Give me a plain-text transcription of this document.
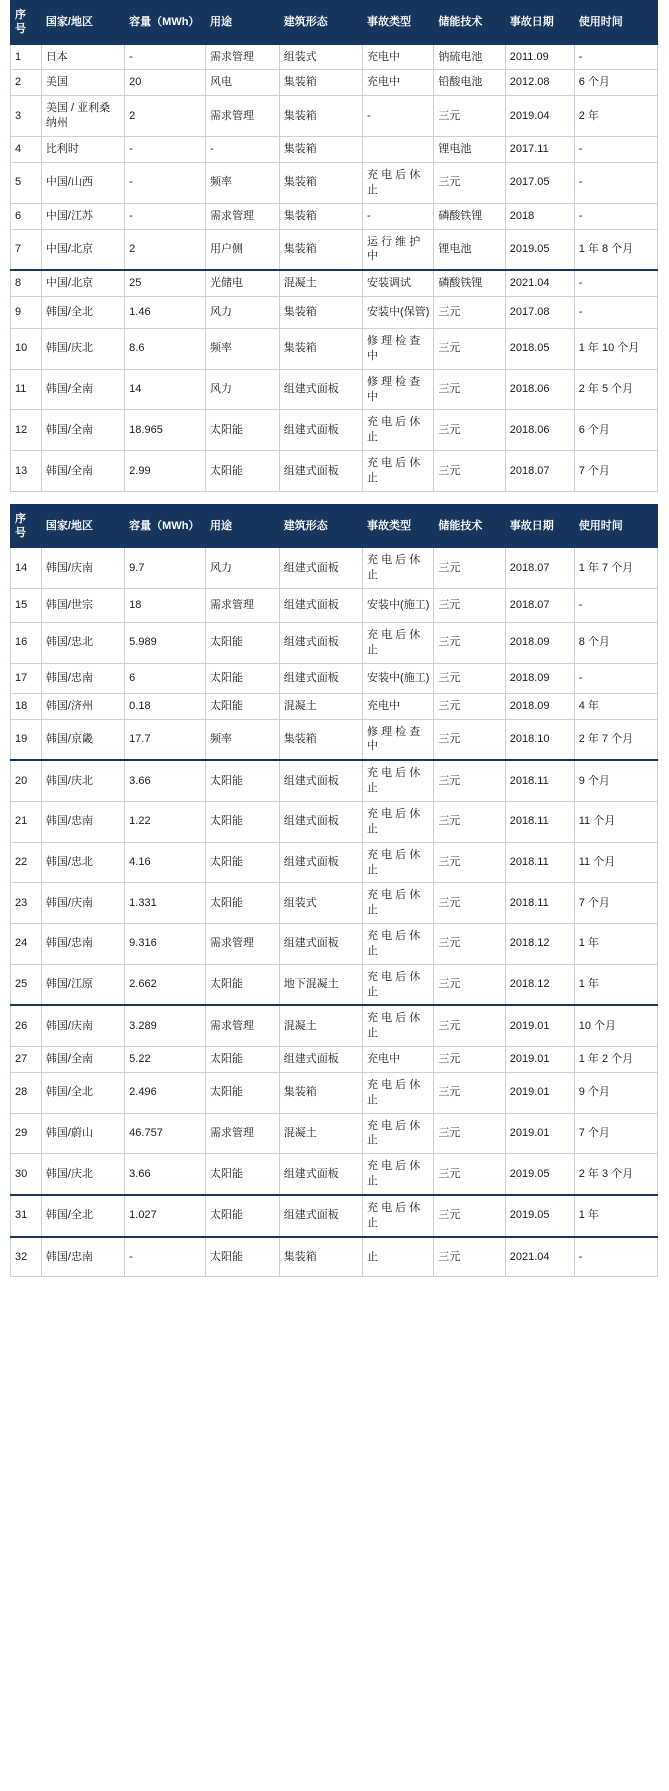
序号	国家/地区	容量（MWh）	用途	建筑形态	事故类型	储能技术	事故日期	使用时间
1	日本	-	需求管理	组装式	充电中	钠硫电池	2011.09	-
2	美国	20	风电	集装箱	充电中	铅酸电池	2012.08	6 个月
3	美国 / 亚利桑纳州	2	需求管理	集装箱	-	三元	2019.04	2 年
4	比利时	-	-	集装箱		锂电池	2017.11	-
5	中国/山西	-	频率	集装箱	充 电 后 休 止	三元	2017.05	-
6	中国/江苏	-	需求管理	集装箱	-	磷酸铁锂	2018	-
7	中国/北京	2	用户侧	集装箱	运 行 维 护 中	锂电池	2019.05	1 年 8 个月
8	中国/北京	25	光储电	混凝土	安装调试	磷酸铁锂	2021.04	-
9	韩国/全北	1.46	风力	集装箱	安装中(保管)	三元	2017.08	-
10	韩国/庆北	8.6	频率	集装箱	修 理 检 查 中	三元	2018.05	1 年 10 个月
11	韩国/全南	14	风力	组建式面板	修 理 检 查 中	三元	2018.06	2 年 5 个月
12	韩国/全南	18.965	太阳能	组建式面板	充 电 后 休 止	三元	2018.06	6 个月
13	韩国/全南	2.99	太阳能	组建式面板	充 电 后 休 止	三元	2018.07	7 个月
序号	国家/地区	容量（MWh）	用途	建筑形态	事故类型	储能技术	事故日期	使用时间
14	韩国/庆南	9.7	风力	组建式面板	充 电 后 休 止	三元	2018.07	1 年 7 个月
15	韩国/世宗	18	需求管理	组建式面板	安装中(施工)	三元	2018.07	-
16	韩国/忠北	5.989	太阳能	组建式面板	充 电 后 休 止	三元	2018.09	8 个月
17	韩国/忠南	6	太阳能	组建式面板	安装中(施工)	三元	2018.09	-
18	韩国/济州	0.18	太阳能	混凝土	充电中	三元	2018.09	4 年
19	韩国/京畿	17.7	频率	集装箱	修 理 检 查 中	三元	2018.10	2 年 7 个月
20	韩国/庆北	3.66	太阳能	组建式面板	充 电 后 休 止	三元	2018.11	9 个月
21	韩国/忠南	1.22	太阳能	组建式面板	充 电 后 休 止	三元	2018.11	11 个月
22	韩国/忠北	4.16	太阳能	组建式面板	充 电 后 休 止	三元	2018.11	11 个月
23	韩国/庆南	1.331	太阳能	组装式	充 电 后 休 止	三元	2018.11	7 个月
24	韩国/忠南	9.316	需求管理	组建式面板	充 电 后 休 止	三元	2018.12	1 年
25	韩国/江原	2.662	太阳能	地下混凝土	充 电 后 休 止	三元	2018.12	1 年
26	韩国/庆南	3.289	需求管理	混凝土	充 电 后 休 止	三元	2019.01	10 个月
27	韩国/全南	5.22	太阳能	组建式面板	充电中	三元	2019.01	1 年 2 个月
28	韩国/全北	2.496	太阳能	集装箱	充 电 后 休 止	三元	2019.01	9 个月
29	韩国/蔚山	46.757	需求管理	混凝土	充 电 后 休 止	三元	2019.01	7 个月
30	韩国/庆北	3.66	太阳能	组建式面板	充 电 后 休 止	三元	2019.05	2 年 3 个月
31	韩国/全北	1.027	太阳能	组建式面板	充 电 后 休 止	三元	2019.05	1 年
32	韩国/忠南	-	太阳能	集装箱	止	三元	2021.04	-
